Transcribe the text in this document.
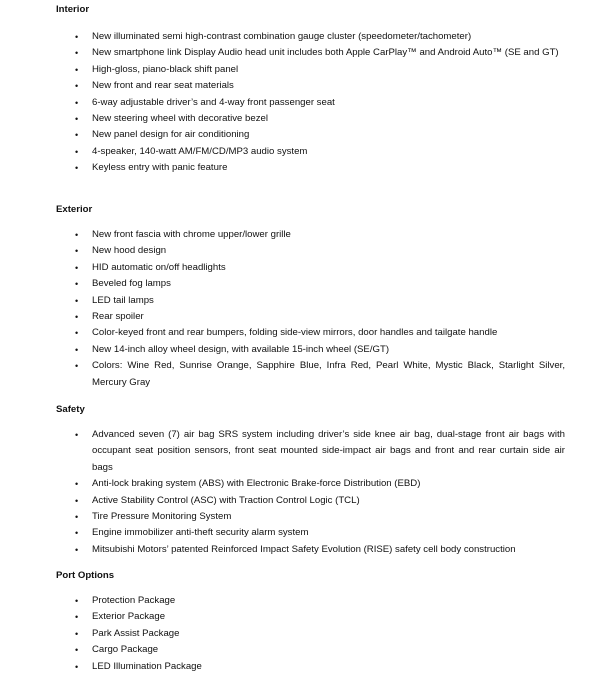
Interior
• New illuminated semi high-contrast combination gauge cluster (speedometer/tachometer)
• New smartphone link Display Audio head unit includes both Apple CarPlay™ and Android Auto™ (SE and GT)
• High-gloss, piano-black shift panel
• New front and rear seat materials
• 6-way adjustable driver’s and 4-way front passenger seat
• New steering wheel with decorative bezel
• New panel design for air conditioning
• 4-speaker, 140-watt AM/FM/CD/MP3 audio system
• Keyless entry with panic feature
Exterior
• New front fascia with chrome upper/lower grille
• New hood design
• HID automatic on/off headlights
• Beveled fog lamps
• LED tail lamps
• Rear spoiler
• Color-keyed front and rear bumpers, folding side-view mirrors, door handles and tailgate handle
• New 14-inch alloy wheel design, with available 15-inch wheel (SE/GT)
• Colors: Wine Red, Sunrise Orange, Sapphire Blue, Infra Red, Pearl White, Mystic Black, Starlight Silver, Mercury Gray
Safety
• Advanced seven (7) air bag SRS system including driver’s side knee air bag, dual-stage front air bags with occupant seat position sensors, front seat mounted side-impact air bags and front and rear curtain side air bags
• Anti-lock braking system (ABS) with Electronic Brake-force Distribution (EBD)
• Active Stability Control (ASC) with Traction Control Logic (TCL)
• Tire Pressure Monitoring System
• Engine immobilizer anti-theft security alarm system
• Mitsubishi Motors’ patented Reinforced Impact Safety Evolution (RISE) safety cell body construction
Port Options
• Protection Package
• Exterior Package
• Park Assist Package
• Cargo Package
• LED Illumination Package
